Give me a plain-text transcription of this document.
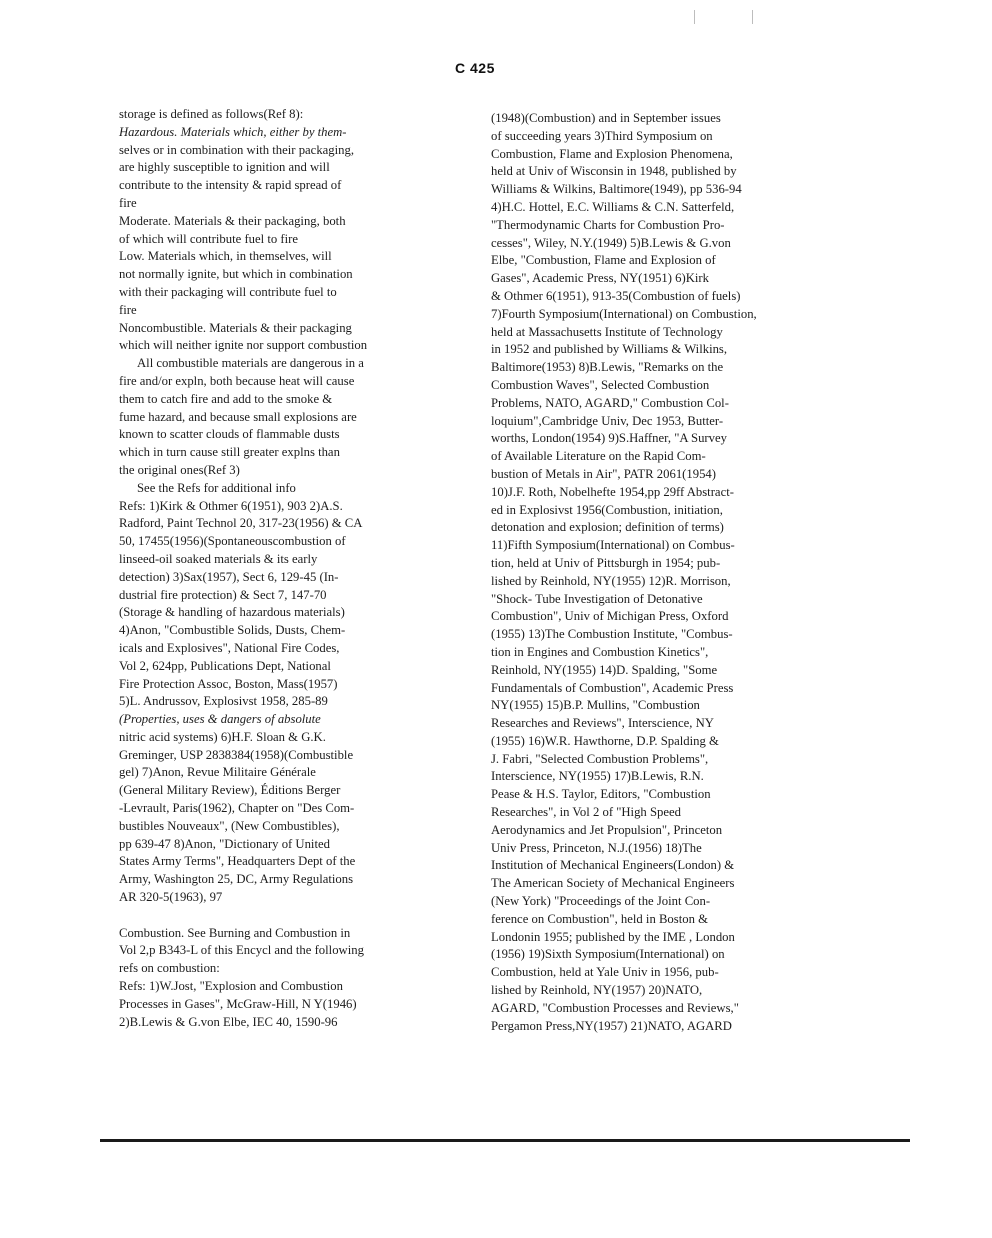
C 425
storage is defined as follows(Ref 8):
Hazardous. Materials which, either by them-
selves or in combination with their packaging,
are highly susceptible to ignition and will
contribute to the intensity & rapid spread of
fire
Moderate. Materials & their packaging, both
of which will contribute fuel to fire
Low. Materials which, in themselves, will
not normally ignite, but which in combination
with their packaging will contribute fuel to
fire
Noncombustible. Materials & their packaging
which will neither ignite nor support combustion
All combustible materials are dangerous in a
fire and/or expln, both because heat will cause
them to catch fire and add to the smoke &
fume hazard, and because small explosions are
known to scatter clouds of flammable dusts
which in turn cause still greater explns than
the original ones(Ref 3)
See the Refs for additional info
Refs: 1)Kirk & Othmer 6(1951), 903 2)A.S.
Radford, Paint Technol 20, 317-23(1956) & CA
50, 17455(1956)(Spontaneouscombustion of
linseed-oil soaked materials & its early
detection) 3)Sax(1957), Sect 6, 129-45 (In-
dustrial fire protection) & Sect 7, 147-70
(Storage & handling of hazardous materials)
4)Anon, "Combustible Solids, Dusts, Chem-
icals and Explosives", National Fire Codes,
Vol 2, 624pp, Publications Dept, National
Fire Protection Assoc, Boston, Mass(1957)
5)L. Andrussov, Explosivst 1958, 285-89
(Properties, uses & dangers of absolute
nitric acid systems) 6)H.F. Sloan & G.K.
Greminger, USP 2838384(1958)(Combustible
gel) 7)Anon, Revue Militaire Générale
(General Military Review), Éditions Berger
-Levrault, Paris(1962), Chapter on "Des Com-
bustibles Nouveaux", (New Combustibles),
pp 639-47 8)Anon, "Dictionary of United
States Army Terms", Headquarters Dept of the
Army, Washington 25, DC, Army Regulations
AR 320-5(1963), 97
Combustion. See Burning and Combustion in
Vol 2,p B343-L of this Encycl and the following
refs on combustion:
Refs: 1)W.Jost, "Explosion and Combustion
Processes in Gases", McGraw-Hill, N Y(1946)
2)B.Lewis & G.von Elbe, IEC 40, 1590-96
(1948)(Combustion) and in September issues
of succeeding years 3)Third Symposium on
Combustion, Flame and Explosion Phenomena,
held at Univ of Wisconsin in 1948, published by
Williams & Wilkins, Baltimore(1949), pp 536-94
4)H.C. Hottel, E.C. Williams & C.N. Satterfeld,
"Thermodynamic Charts for Combustion Pro-
cesses", Wiley, N.Y.(1949) 5)B.Lewis & G.von
Elbe, "Combustion, Flame and Explosion of
Gases", Academic Press, NY(1951) 6)Kirk
& Othmer 6(1951), 913-35(Combustion of fuels)
7)Fourth Symposium(International) on Combustion,
held at Massachusetts Institute of Technology
in 1952 and published by Williams & Wilkins,
Baltimore(1953) 8)B.Lewis, "Remarks on the
Combustion Waves", Selected Combustion
Problems, NATO, AGARD," Combustion Col-
loquium",Cambridge Univ, Dec 1953, Butter-
worths, London(1954) 9)S.Haffner, "A Survey
of Available Literature on the Rapid Com-
bustion of Metals in Air", PATR 2061(1954)
10)J.F. Roth, Nobelhefte 1954,pp 29ff Abstract-
ed in Explosivst 1956(Combustion, initiation,
detonation and explosion; definition of terms)
11)Fifth Symposium(International) on Combus-
tion, held at Univ of Pittsburgh in 1954; pub-
lished by Reinhold, NY(1955) 12)R. Morrison,
"Shock- Tube Investigation of Detonative
Combustion", Univ of Michigan Press, Oxford
(1955) 13)The Combustion Institute, "Combus-
tion in Engines and Combustion Kinetics",
Reinhold, NY(1955) 14)D. Spalding, "Some
Fundamentals of Combustion", Academic Press
NY(1955) 15)B.P. Mullins, "Combustion
Researches and Reviews", Interscience, NY
(1955) 16)W.R. Hawthorne, D.P. Spalding &
J. Fabri, "Selected Combustion Problems",
Interscience, NY(1955) 17)B.Lewis, R.N.
Pease & H.S. Taylor, Editors, "Combustion
Researches", in Vol 2 of "High Speed
Aerodynamics and Jet Propulsion", Princeton
Univ Press, Princeton, N.J.(1956) 18)The
Institution of Mechanical Engineers(London) &
The American Society of Mechanical Engineers
(New York) "Proceedings of the Joint Con-
ference on Combustion", held in Boston &
Londonin 1955; published by the IME , London
(1956) 19)Sixth Symposium(International) on
Combustion, held at Yale Univ in 1956, pub-
lished by Reinhold, NY(1957) 20)NATO,
AGARD, "Combustion Processes and Reviews,"
Pergamon Press,NY(1957) 21)NATO, AGARD
